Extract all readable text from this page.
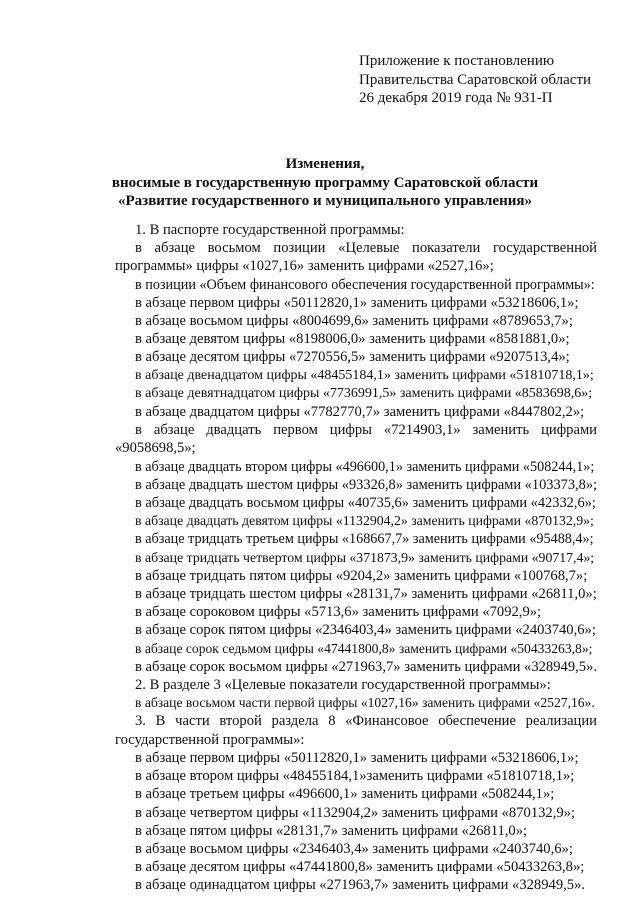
Приложение к постановлению
Правительства Саратовской области
26 декабря 2019 года № 931-П
Изменения,
вносимые в государственную программу Саратовской области
«Развитие государственного и муниципального управления»
1. В паспорте государственной программы:
в абзаце восьмом позиции «Целевые показатели государственной
программы» цифры «1027,16» заменить цифрами «2527,16»;
в позиции «Объем финансового обеспечения государственной программы»:
в абзаце первом цифры «50112820,1» заменить цифрами «53218606,1»;
в абзаце восьмом цифры «8004699,6» заменить цифрами «8789653,7»;
в абзаце девятом цифры «8198006,0» заменить цифрами «8581881,0»;
в абзаце десятом цифры «7270556,5» заменить цифрами «9207513,4»;
в абзаце двенадцатом цифры «48455184,1» заменить цифрами «51810718,1»;
в абзаце девятнадцатом цифры «7736991,5» заменить цифрами «8583698,6»;
в абзаце двадцатом цифры «7782770,7» заменить цифрами «8447802,2»;
в абзаце двадцать первом цифры «7214903,1» заменить цифрами
«9058698,5»;
в абзаце двадцать втором цифры «496600,1» заменить цифрами «508244,1»;
в абзаце двадцать шестом цифры «93326,8» заменить цифрами «103373,8»;
в абзаце двадцать восьмом цифры «40735,6» заменить цифрами «42332,6»;
в абзаце двадцать девятом цифры «1132904,2» заменить цифрами «870132,9»;
в абзаце тридцать третьем цифры «168667,7» заменить цифрами «95488,4»;
в абзаце тридцать четвертом цифры «371873,9» заменить цифрами «90717,4»;
в абзаце тридцать пятом цифры «9204,2» заменить цифрами «100768,7»;
в абзаце тридцать шестом цифры «28131,7» заменить цифрами «26811,0»;
в абзаце сороковом цифры «5713,6» заменить цифрами «7092,9»;
в абзаце сорок пятом цифры «2346403,4» заменить цифрами «2403740,6»;
в абзаце сорок седьмом цифры «47441800,8» заменить цифрами «50433263,8»;
в абзаце сорок восьмом цифры «271963,7» заменить цифрами «328949,5».
2. В разделе 3 «Целевые показатели государственной программы»:
в абзаце восьмом части первой цифры «1027,16» заменить цифрами «2527,16».
3. В части второй раздела 8 «Финансовое обеспечение реализации
государственной программы»:
в абзаце первом цифры «50112820,1» заменить цифрами «53218606,1»;
в абзаце втором цифры «48455184,1»заменить цифрами «51810718,1»;
в абзаце третьем цифры «496600,1» заменить цифрами «508244,1»;
в абзаце четвертом цифры «1132904,2» заменить цифрами «870132,9»;
в абзаце пятом цифры «28131,7» заменить цифрами «26811,0»;
в абзаце восьмом цифры «2346403,4» заменить цифрами «2403740,6»;
в абзаце десятом цифры «47441800,8» заменить цифрами «50433263,8»;
в абзаце одинадцатом цифры «271963,7» заменить цифрами «328949,5».
